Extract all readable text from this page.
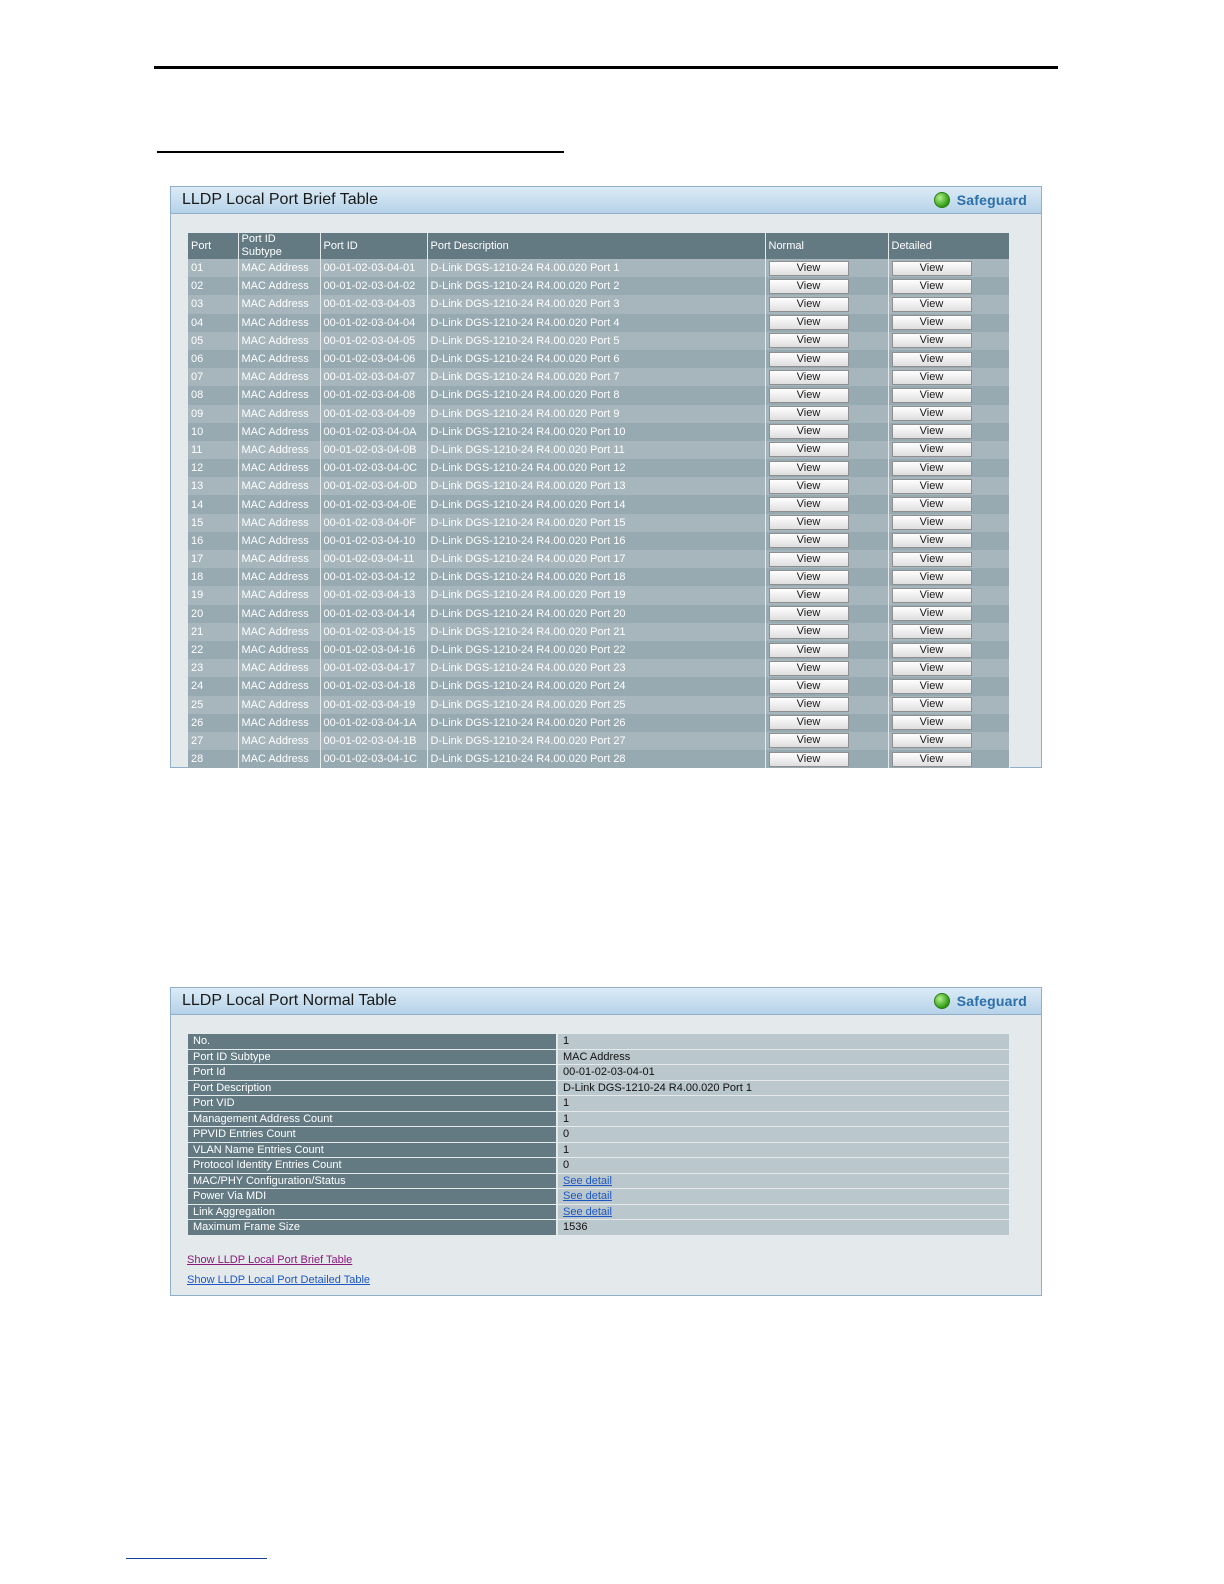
LLDP Local Port Brief Table	Safeguard
Port	Port ID Subtype	Port ID	Port Description	Normal	Detailed
01	MAC Address	00-01-02-03-04-01	D-Link DGS-1210-24 R4.00.020 Port 1	View	View

02	MAC Address	00-01-02-03-04-02	D-Link DGS-1210-24 R4.00.020 Port 2	View	View

03	MAC Address	00-01-02-03-04-03	D-Link DGS-1210-24 R4.00.020 Port 3	View	View

04	MAC Address	00-01-02-03-04-04	D-Link DGS-1210-24 R4.00.020 Port 4	View	View

05	MAC Address	00-01-02-03-04-05	D-Link DGS-1210-24 R4.00.020 Port 5	View	View

06	MAC Address	00-01-02-03-04-06	D-Link DGS-1210-24 R4.00.020 Port 6	View	View

07	MAC Address	00-01-02-03-04-07	D-Link DGS-1210-24 R4.00.020 Port 7	View	View

08	MAC Address	00-01-02-03-04-08	D-Link DGS-1210-24 R4.00.020 Port 8	View	View

09	MAC Address	00-01-02-03-04-09	D-Link DGS-1210-24 R4.00.020 Port 9	View	View

10	MAC Address	00-01-02-03-04-0A	D-Link DGS-1210-24 R4.00.020 Port 10	View	View

11	MAC Address	00-01-02-03-04-0B	D-Link DGS-1210-24 R4.00.020 Port 11	View	View

12	MAC Address	00-01-02-03-04-0C	D-Link DGS-1210-24 R4.00.020 Port 12	View	View

13	MAC Address	00-01-02-03-04-0D	D-Link DGS-1210-24 R4.00.020 Port 13	View	View

14	MAC Address	00-01-02-03-04-0E	D-Link DGS-1210-24 R4.00.020 Port 14	View	View

15	MAC Address	00-01-02-03-04-0F	D-Link DGS-1210-24 R4.00.020 Port 15	View	View

16	MAC Address	00-01-02-03-04-10	D-Link DGS-1210-24 R4.00.020 Port 16	View	View

17	MAC Address	00-01-02-03-04-11	D-Link DGS-1210-24 R4.00.020 Port 17	View	View

18	MAC Address	00-01-02-03-04-12	D-Link DGS-1210-24 R4.00.020 Port 18	View	View

19	MAC Address	00-01-02-03-04-13	D-Link DGS-1210-24 R4.00.020 Port 19	View	View

20	MAC Address	00-01-02-03-04-14	D-Link DGS-1210-24 R4.00.020 Port 20	View	View

21	MAC Address	00-01-02-03-04-15	D-Link DGS-1210-24 R4.00.020 Port 21	View	View

22	MAC Address	00-01-02-03-04-16	D-Link DGS-1210-24 R4.00.020 Port 22	View	View

23	MAC Address	00-01-02-03-04-17	D-Link DGS-1210-24 R4.00.020 Port 23	View	View

24	MAC Address	00-01-02-03-04-18	D-Link DGS-1210-24 R4.00.020 Port 24	View	View

25	MAC Address	00-01-02-03-04-19	D-Link DGS-1210-24 R4.00.020 Port 25	View	View

26	MAC Address	00-01-02-03-04-1A	D-Link DGS-1210-24 R4.00.020 Port 26	View	View

27	MAC Address	00-01-02-03-04-1B	D-Link DGS-1210-24 R4.00.020 Port 27	View	View

28	MAC Address	00-01-02-03-04-1C	D-Link DGS-1210-24 R4.00.020 Port 28	View	View
LLDP Local Port Normal Table	Safeguard
No.	1
Port ID Subtype	MAC Address
Port Id	00-01-02-03-04-01
Port Description	D-Link DGS-1210-24 R4.00.020 Port 1
Port VID	1
Management Address Count	1
PPVID Entries Count	0
VLAN Name Entries Count	1
Protocol Identity Entries Count	0
MAC/PHY Configuration/Status	See detail
Power Via MDI	See detail
Link Aggregation	See detail
Maximum Frame Size	1536
Show LLDP Local Port Brief Table
Show LLDP Local Port Detailed Table
